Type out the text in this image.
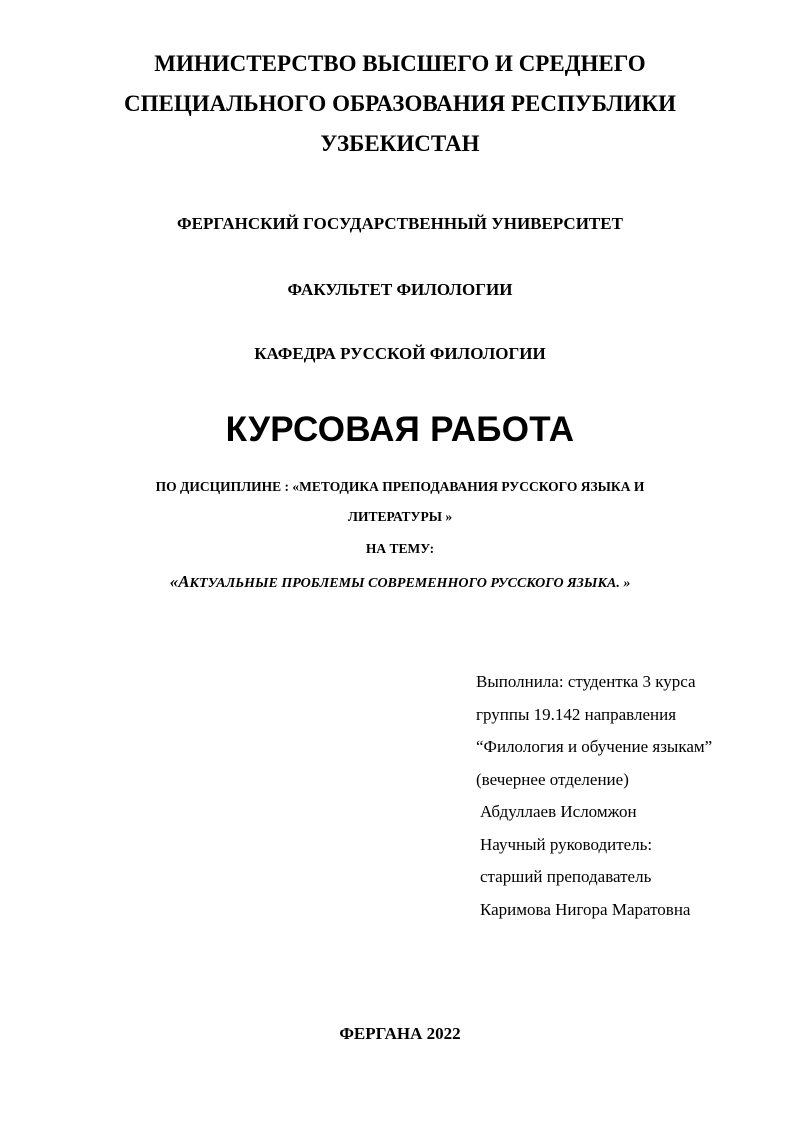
МИНИСТЕРСТВО ВЫСШЕГО И СРЕДНЕГО
СПЕЦИАЛЬНОГО ОБРАЗОВАНИЯ РЕСПУБЛИКИ
УЗБЕКИСТАН
ФЕРГАНСКИЙ ГОСУДАРСТВЕННЫЙ УНИВЕРСИТЕТ
ФАКУЛЬТЕТ ФИЛОЛОГИИ
КАФЕДРА РУССКОЙ ФИЛОЛОГИИ
КУРСОВАЯ РАБОТА
ПО ДИСЦИПЛИНЕ : «МЕТОДИКА ПРЕПОДАВАНИЯ РУССКОГО ЯЗЫКА И
ЛИТЕРАТУРЫ »
НА ТЕМУ:
«АКТУАЛЬНЫЕ ПРОБЛЕМЫ СОВРЕМЕННОГО РУССКОГО ЯЗЫКА. »
Выполнила: студентка 3 курса
группы 19.142 направления
“Филология и обучение языкам”
(вечернее отделение)
Абдуллаев Исломжон
Научный руководитель:
старший преподаватель
Каримова Нигора Маратовна
ФЕРГАНА 2022
